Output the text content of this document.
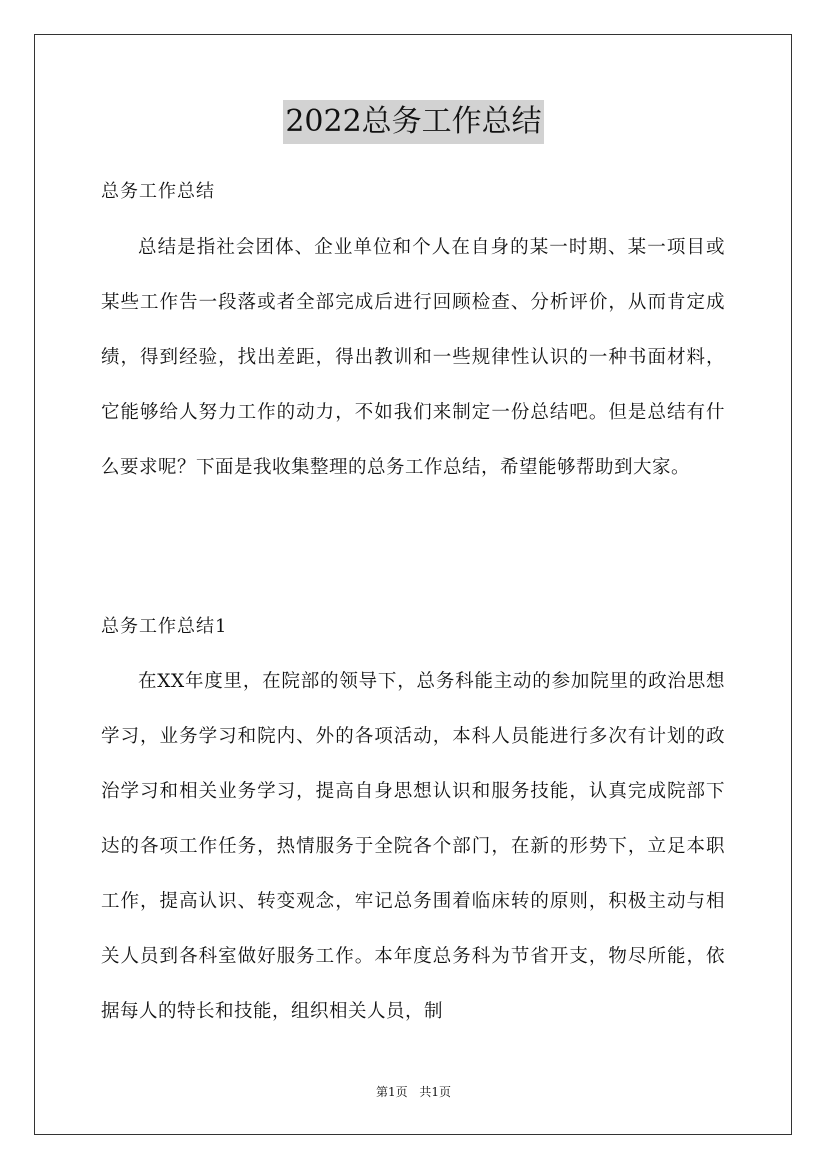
2022总务工作总结
总务工作总结

总结是指社会团体、企业单位和个人在自身的某一时期、某一项目或某些工作告一段落或者全部完成后进行回顾检查、分析评价，从而肯定成绩，得到经验，找出差距，得出教训和一些规律性认识的一种书面材料，它能够给人努力工作的动力，不如我们来制定一份总结吧。但是总结有什么要求呢？下面是我收集整理的总务工作总结，希望能够帮助到大家。

总务工作总结1

在XX年度里，在院部的领导下，总务科能主动的参加院里的政治思想学习，业务学习和院内、外的各项活动，本科人员能进行多次有计划的政治学习和相关业务学习，提高自身思想认识和服务技能，认真完成院部下达的各项工作任务，热情服务于全院各个部门，在新的形势下，立足本职工作，提高认识、转变观念，牢记总务围着临床转的原则，积极主动与相关人员到各科室做好服务工作。本年度总务科为节省开支，物尽所能，依据每人的特长和技能，组织相关人员，制

第1页 共1页
